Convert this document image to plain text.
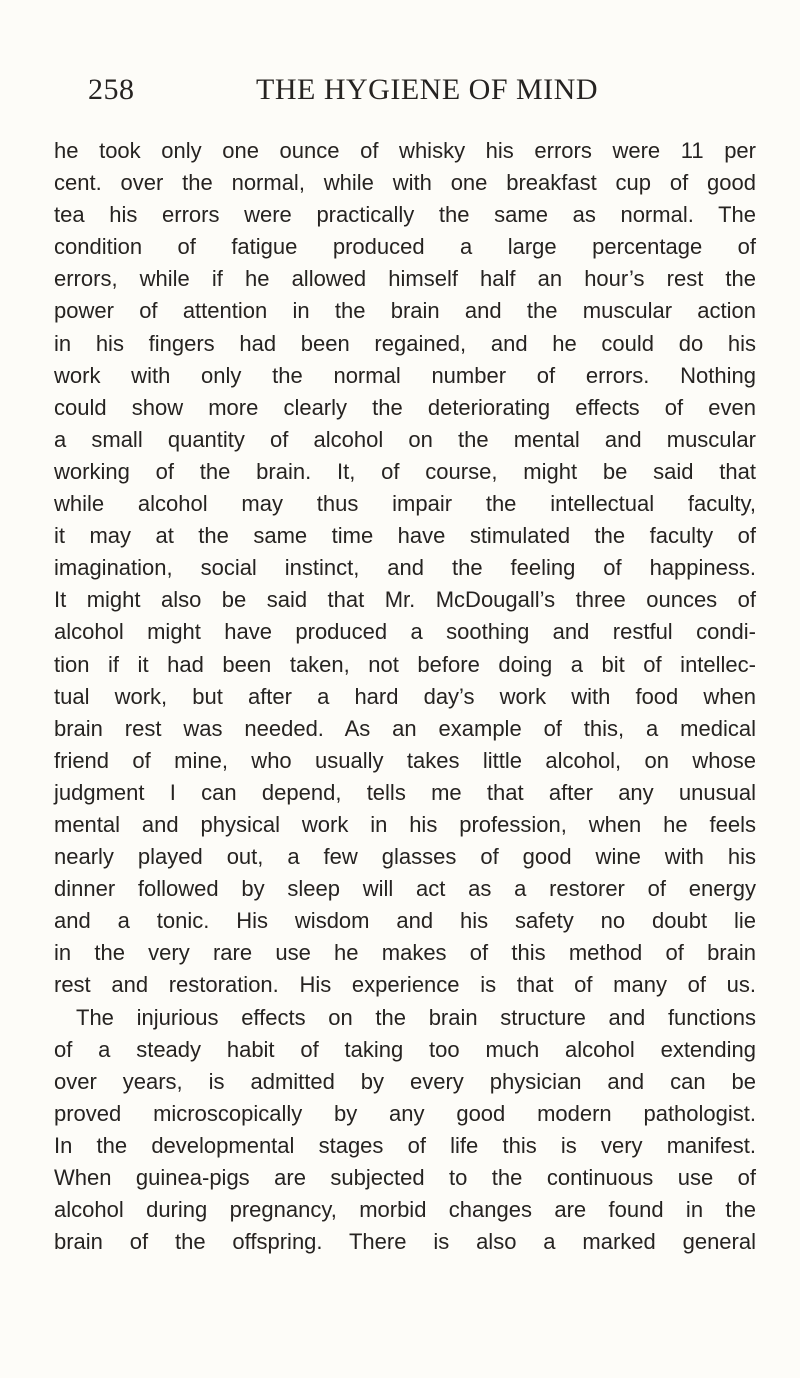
258	THE HYGIENE OF MIND
he took only one ounce of whisky his errors were 11 per
cent. over the normal, while with one breakfast cup of good
tea his errors were practically the same as normal. The
condition of fatigue produced a large percentage of
errors, while if he allowed himself half an hour’s rest the
power of attention in the brain and the muscular action
in his fingers had been regained, and he could do his
work with only the normal number of errors. Nothing
could show more clearly the deteriorating effects of even
a small quantity of alcohol on the mental and muscular
working of the brain. It, of course, might be said that
while alcohol may thus impair the intellectual faculty,
it may at the same time have stimulated the faculty of
imagination, social instinct, and the feeling of happiness.
It might also be said that Mr. McDougall’s three ounces of
alcohol might have produced a soothing and restful condi-
tion if it had been taken, not before doing a bit of intellec-
tual work, but after a hard day’s work with food when
brain rest was needed. As an example of this, a medical
friend of mine, who usually takes little alcohol, on whose
judgment I can depend, tells me that after any unusual
mental and physical work in his profession, when he feels
nearly played out, a few glasses of good wine with his
dinner followed by sleep will act as a restorer of energy
and a tonic. His wisdom and his safety no doubt lie
in the very rare use he makes of this method of brain
rest and restoration. His experience is that of many of us.
The injurious effects on the brain structure and functions
of a steady habit of taking too much alcohol extending
over years, is admitted by every physician and can be
proved microscopically by any good modern pathologist.
In the developmental stages of life this is very manifest.
When guinea-pigs are subjected to the continuous use of
alcohol during pregnancy, morbid changes are found in the
brain of the offspring. There is also a marked general
